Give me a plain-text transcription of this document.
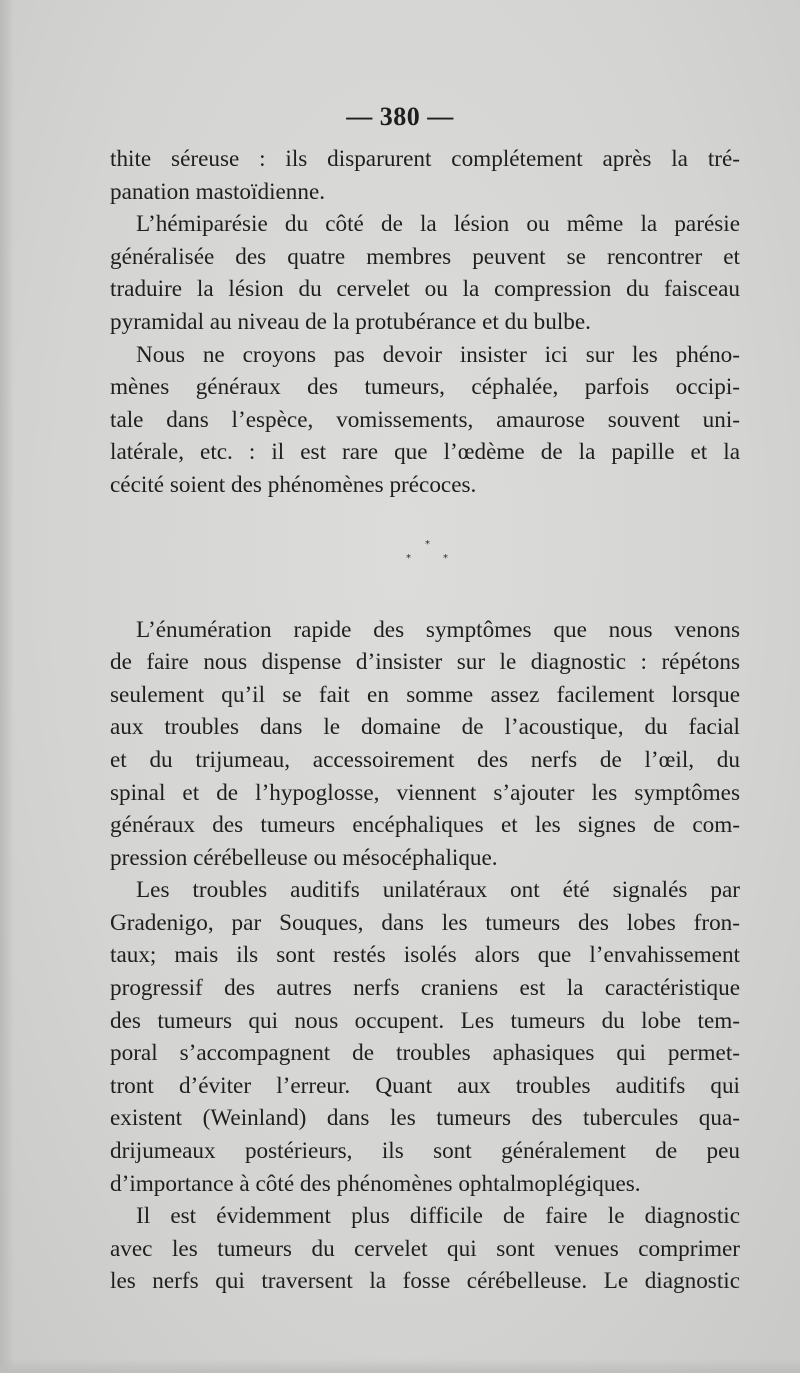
— 380 —

thite séreuse : ils disparurent complétement après la tré-

panation mastoïdienne.

L’hémiparésie du côté de la lésion ou même la parésie

généralisée des quatre membres peuvent se rencontrer et

traduire la lésion du cervelet ou la compression du faisceau

pyramidal au niveau de la protubérance et du bulbe.

Nous ne croyons pas devoir insister ici sur les phéno-

mènes généraux des tumeurs, céphalée, parfois occipi-

tale dans l’espèce, vomissements, amaurose souvent uni-

latérale, etc. : il est rare que l’œdème de la papille et la

cécité soient des phénomènes précoces.

*
*	*

L’énumération rapide des symptômes que nous venons

de faire nous dispense d’insister sur le diagnostic : répétons

seulement qu’il se fait en somme assez facilement lorsque

aux troubles dans le domaine de l’acoustique, du facial

et du trijumeau, accessoirement des nerfs de l’œil, du

spinal et de l’hypoglosse, viennent s’ajouter les symptômes

généraux des tumeurs encéphaliques et les signes de com-

pression cérébelleuse ou mésocéphalique.

Les troubles auditifs unilatéraux ont été signalés par

Gradenigo, par Souques, dans les tumeurs des lobes fron-

taux; mais ils sont restés isolés alors que l’envahissement

progressif des autres nerfs craniens est la caractéristique

des tumeurs qui nous occupent. Les tumeurs du lobe tem-

poral s’accompagnent de troubles aphasiques qui permet-

tront d’éviter l’erreur. Quant aux troubles auditifs qui

existent (Weinland) dans les tumeurs des tubercules qua-

drijumeaux postérieurs, ils sont généralement de peu

d’importance à côté des phénomènes ophtalmoplégiques.

Il est évidemment plus difficile de faire le diagnostic

avec les tumeurs du cervelet qui sont venues comprimer

les nerfs qui traversent la fosse cérébelleuse. Le diagnostic
